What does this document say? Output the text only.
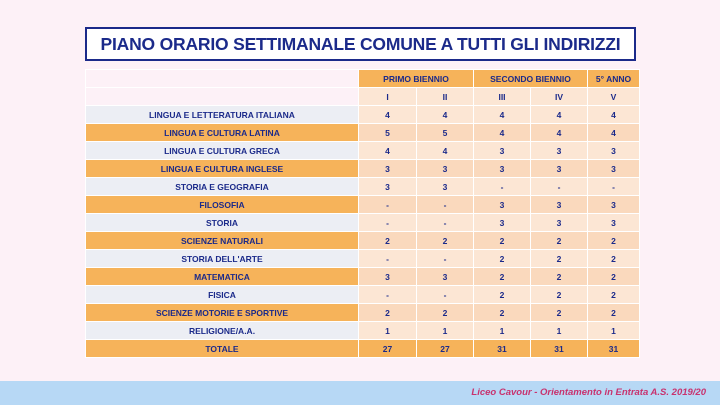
PIANO ORARIO SETTIMANALE COMUNE A TUTTI GLI INDIRIZZI
	PRIMO BIENNIO		SECONDO BIENNIO		5° ANNO
	I	II	III	IV	V
LINGUA E LETTERATURA ITALIANA	4	4	4	4	4
LINGUA E CULTURA LATINA	5	5	4	4	4
LINGUA E CULTURA GRECA	4	4	3	3	3
LINGUA E CULTURA INGLESE	3	3	3	3	3
STORIA E GEOGRAFIA	3	3	-	-	-
FILOSOFIA	-	-	3	3	3
STORIA	-	-	3	3	3
SCIENZE NATURALI	2	2	2	2	2
STORIA DELL'ARTE	-	-	2	2	2
MATEMATICA	3	3	2	2	2
FISICA	-	-	2	2	2
SCIENZE MOTORIE E SPORTIVE	2	2	2	2	2
RELIGIONE/A.A.	1	1	1	1	1
TOTALE	27	27	31	31	31
Liceo Cavour - Orientamento in Entrata A.S. 2019/20
